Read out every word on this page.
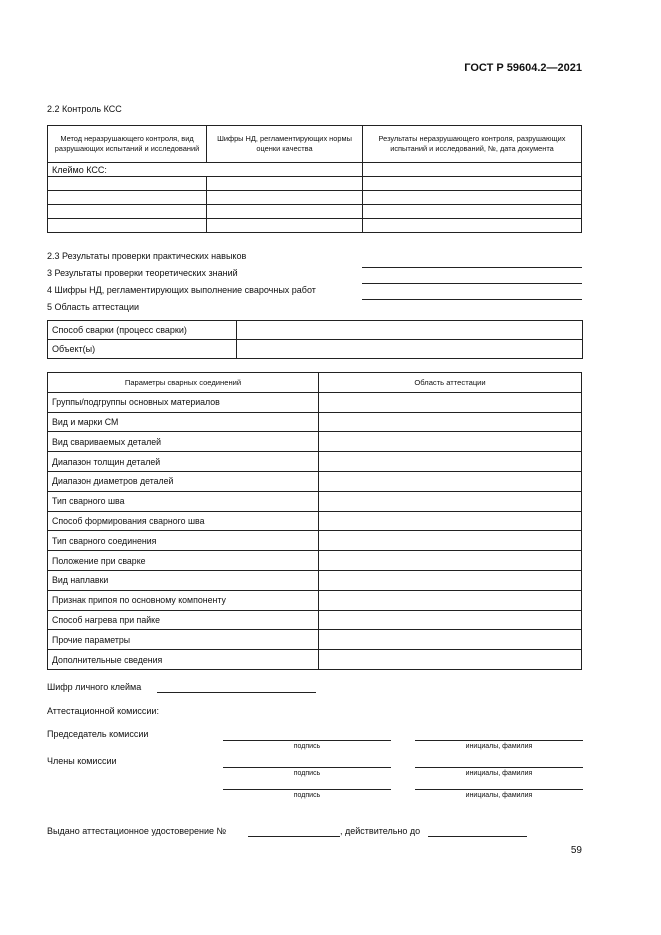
ГОСТ Р 59604.2—2021
2.2 Контроль КСС
Метод неразрушающего контроля, вид разрушающих испытаний и исследований	Шифры НД, регламентирующих нормы оценки качества	Результаты неразрушающего контроля, разрушающих испытаний и исследований, №, дата документа
Клеймо КСС:		

2.3 Результаты проверки практических навыков
3 Результаты проверки теоретических знаний
4 Шифры НД, регламентирующих выполнение сварочных работ
5 Область аттестации
Способ сварки (процесс сварки)	
Объект(ы)	
Параметры сварных соединений	Область аттестации
Группы/подгруппы основных материалов	
Вид и марки СМ	
Вид свариваемых деталей	
Диапазон толщин деталей	
Диапазон диаметров деталей	
Тип сварного шва	
Способ формирования сварного шва	
Тип сварного соединения	
Положение при сварке	
Вид наплавки	
Признак припоя по основному компоненту	
Способ нагрева при пайке	
Прочие параметры	
Дополнительные сведения	
Шифр личного клейма
Аттестационной комиссии:
Председатель комиссии
подпись	инициалы, фамилия
Члены комиссии
подпись	инициалы, фамилия
подпись	инициалы, фамилия
Выдано аттестационное удостоверение №	, действительно до
59
